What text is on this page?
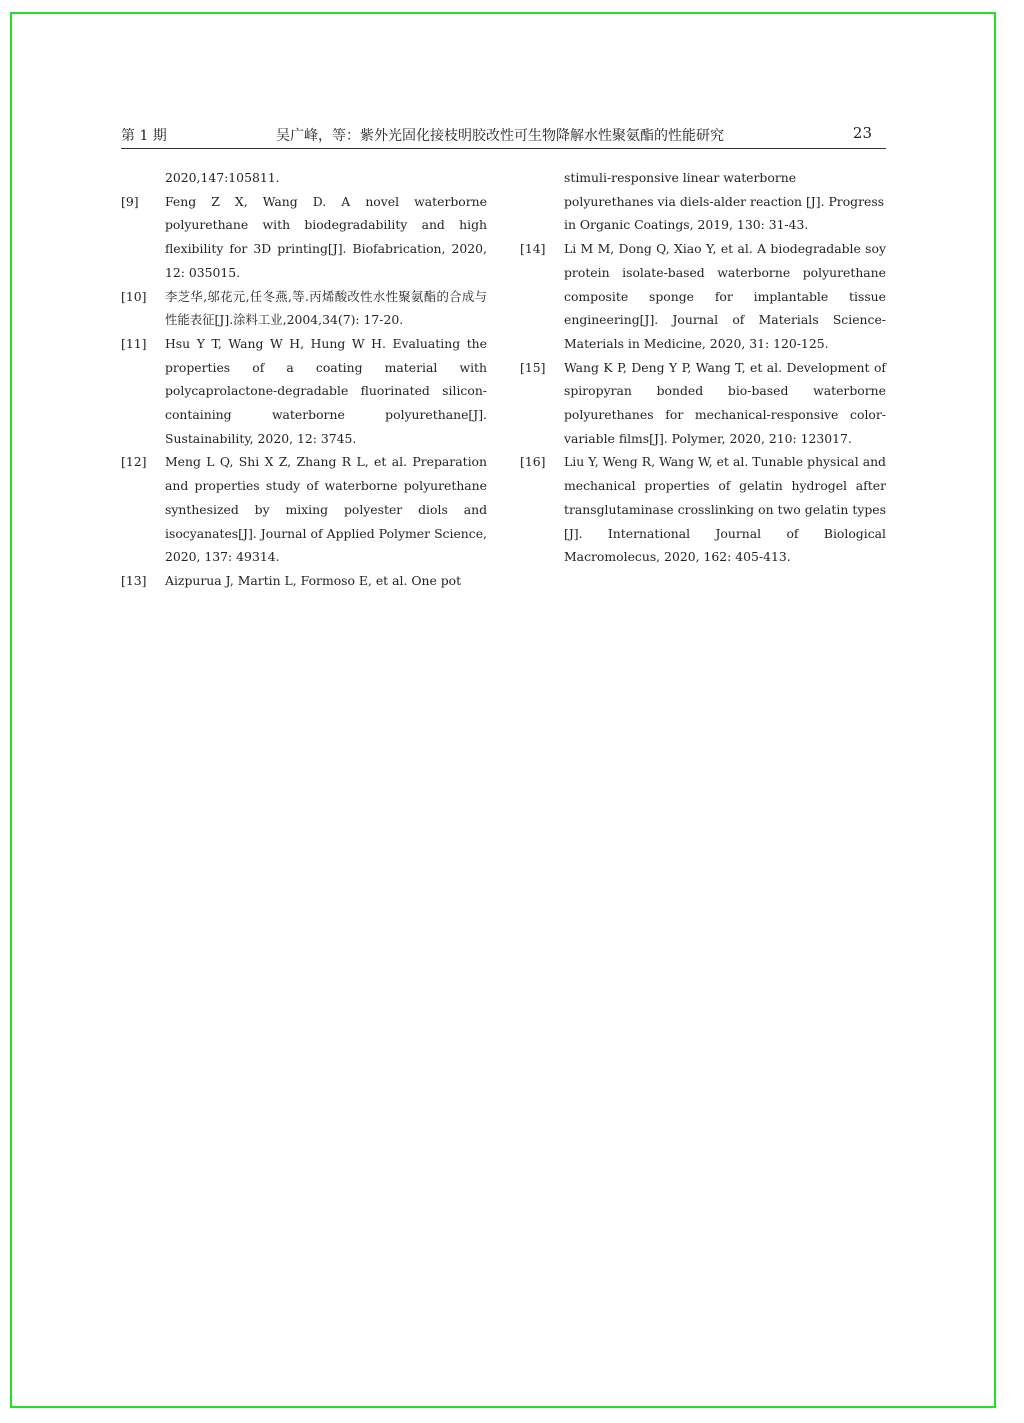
第 1 期	吴广峰，等：紫外光固化接枝明胶改性可生物降解水性聚氨酯的性能研究	23
2020,147:105811.
[9]	Feng Z X, Wang D. A novel waterborne polyurethane with biodegradability and high flexibility for 3D printing[J]. Biofabrication, 2020, 12: 035015.
[10]	李芝华,邬花元,任冬燕,等.丙烯酸改性水性聚氨酯的合成与性能表征[J].涂料工业,2004,34(7): 17-20.
[11]	Hsu Y T, Wang W H, Hung W H. Evaluating the properties of a coating material with polycaprolactone-degradable fluorinated silicon-containing waterborne polyurethane[J]. Sustainability, 2020, 12: 3745.
[12]	Meng L Q, Shi X Z, Zhang R L, et al. Preparation and properties study of waterborne polyurethane synthesized by mixing polyester diols and isocyanates[J]. Journal of Applied Polymer Science, 2020, 137: 49314.
[13]	Aizpurua J, Martin L, Formoso E, et al. One pot
stimuli-responsive linear waterborne polyurethanes via diels-alder reaction [J]. Progress in Organic Coatings, 2019, 130: 31-43.
[14]	Li M M, Dong Q, Xiao Y, et al. A biodegradable soy protein isolate-based waterborne polyurethane composite sponge for implantable tissue engineering[J]. Journal of Materials Science-Materials in Medicine, 2020, 31: 120-125.
[15]	Wang K P, Deng Y P, Wang T, et al. Development of spiropyran bonded bio-based waterborne polyurethanes for mechanical-responsive color-variable films[J]. Polymer, 2020, 210: 123017.
[16]	Liu Y, Weng R, Wang W, et al. Tunable physical and mechanical properties of gelatin hydrogel after transglutaminase crosslinking on two gelatin types [J]. International Journal of Biological Macromolecus, 2020, 162: 405-413.
